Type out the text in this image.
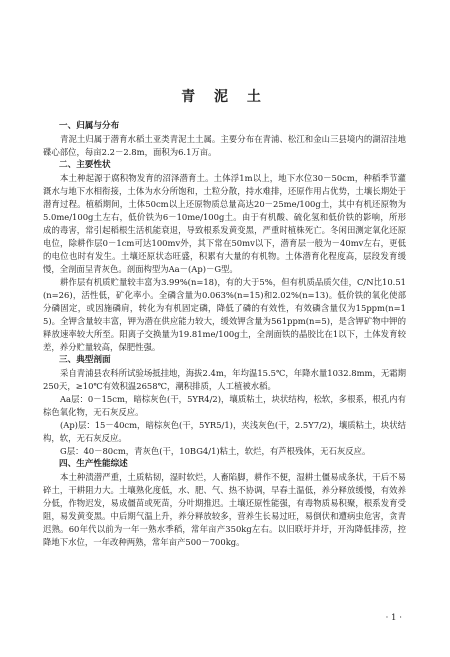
青 泥 土
一、归属与分布
青泥土归属于潜育水稻土亚类青泥土土属。主要分布在青浦、松江和金山三县境内的湖沼洼地碟心部位，每亩2.2－2.8m，面积为6.1万亩。
二、主要性状
本土种起源于腐积物发育的沼泽潜育土。土体浮1m以上，地下水位30－50cm，种稻季节灌溉水与地下水相衔接，土体为水分所饱和，土粒分散，持水难排，还原作用占优势，土壤长期处于潜育过程。植稻期间，土体50cm以上还原物质总量高达20－25me/100g土，其中有机还原物为5.0me/100g土左右，低价铁为6－10me/100g土。由于有机酸、硫化氢和低价铁的影响，所形成的毒害，常引起稻根生活机能衰退，导致根系发黄变黑，严重时植株死亡。冬闲田测定氧化还原电位，除耕作层0－1cm可达100mv外，其下常在50mv以下，潜育层一般为－40mv左右，更低的电位也时有发生。土壤还原状态旺盛，积累有大量的有机物。土体潜育化程度高，层段发育缓慢，全剖面呈青灰色。剖面构型为Aa－(Ap)－G型。
耕作层有机质贮量较丰富为3.99%(n=18)，有的大于5%，但有机质品质欠佳，C/N比10.51(n=26)，活性低，矿化率小。全磷含量为0.063%(n=15)和2.02%(n=13)。低价铁的氧化使部分磷固定，或因施磷肩，转化为有机固定磷，降低了磷的有效性，有效磷含量仅为15ppm(n=15)。全钾含量较丰富，钾为潜在供应能力较大，缓效钾含量为561ppm(n=5)，是含钾矿物中钾的释放速率较大所至。阳离子交换量为19.81me/100g土，全剖面铁的晶胶比在1以下，土体发育较差，养分贮量较高，保肥性强。
三、典型剖面
采自青浦县农科所试验场抵挂地，海拔2.4m，年均温15.5℃，年降水量1032.8mm，无霜期250天，≥10℃有效积温2658℃，潮积排质，人工植被水稻。
Aa层：0－15cm，暗棕灰色(干，5YR4/2)，壤质粘土，块状结构，松软，多根系，根孔内有棕色氧化物，无石灰反应。
(Ap)层：15－40cm，暗棕灰色(干，5YR5/1)，夹浅灰色(干，2.5Y7/2)，壤质粘土，块状结构，软，无石灰反应。
G层：40－80cm，青灰色(干，10BG4/1)粘土，软烂，有芦根残体，无石灰反应。
四、生产性能综述
本土种渍潜严重，土质粘韧，湿时软烂，人畜陷脚，耕作不便，湿耕土僵易成条状，干后不易碎土，干耕阻力大。土壤熟化度低，水、肥、气、热不协调，早春土温低，养分释放缓慢，有效养分低，作物迟发，易成僵苗或死苗，分叶期推迟。土壤还原性能强，有毒物质易积聚，根系发育受阻，易发黄变黑。中后期气温上升，养分释放较多，营养生长易过旺，易倒伏和遭病虫危害，贪青迟熟。60年代以前为一年一熟水季稻，常年亩产350kg左右。以旧联圩并圩，开沟降低排涝，控降地下水位，一年改种两熟，常年亩产500－700kg。
· 1 ·
